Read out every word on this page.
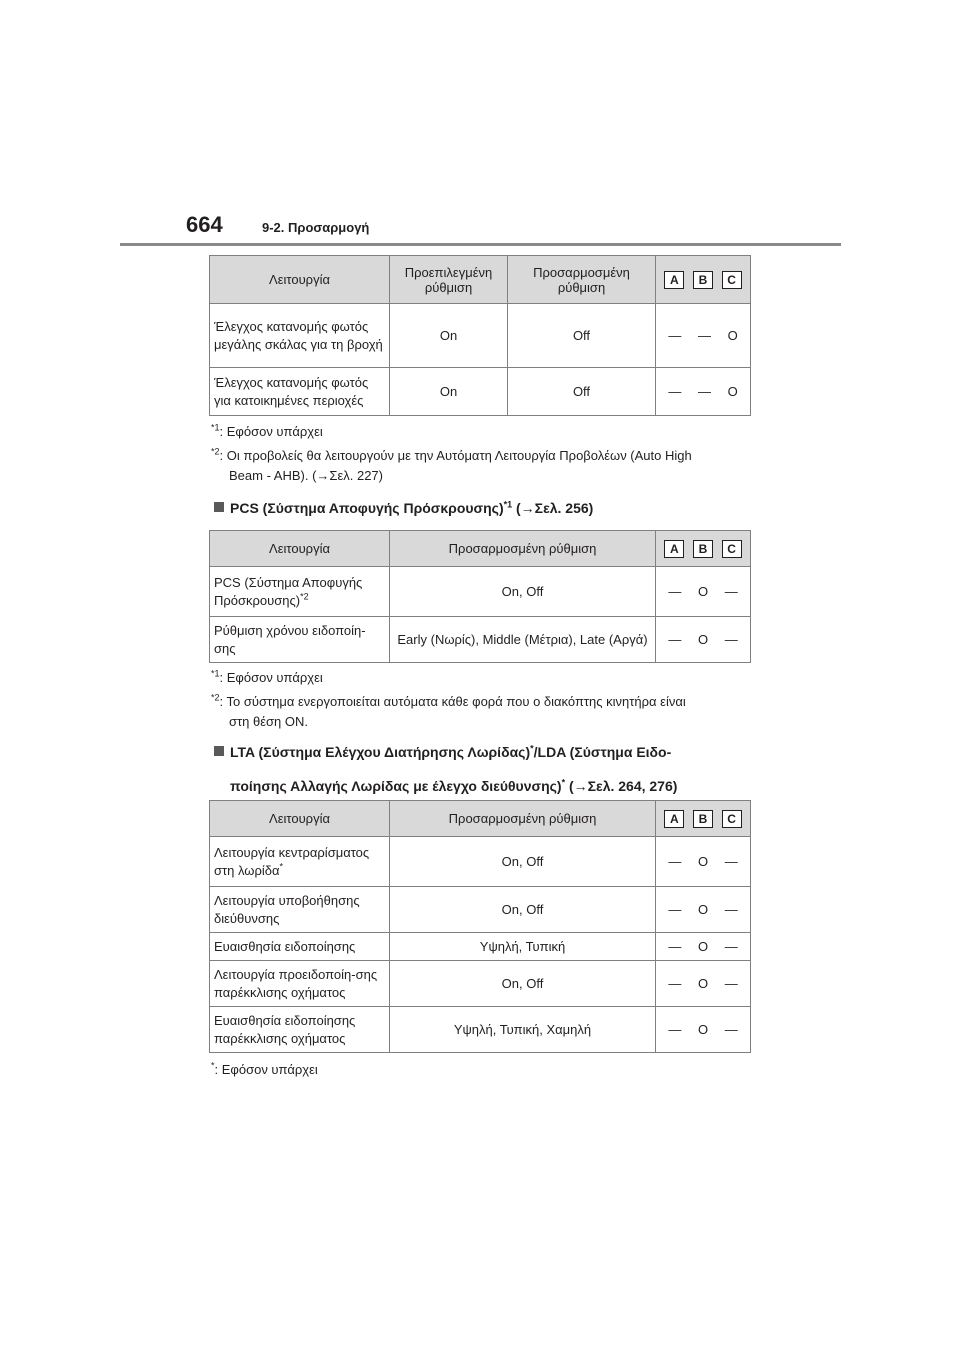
664	9-2. Προσαρμογή
Λειτουργία	Προεπιλεγμένη ρύθμιση	Προσαρμοσμένη ρύθμιση	A B C

Έλεγχος κατανομής φωτός μεγάλης σκάλας για τη βροχή	On	Off	— — O

Έλεγχος κατανομής φωτός για κατοικημένες περιοχές	On	Off	— — O
$^{*1}$: Εφόσον υπάρχει
$^{*2}$: Οι προβολείς θα λειτουργούν με την Αυτόματη Λειτουργία Προβολέων (Auto High
Beam - AHB). (→Σελ. 227)
PCS (Σύστημα Αποφυγής Πρόσκρουσης)$^{*1}$ (→Σελ. 256)
Λειτουργία	Προσαρμοσμένη ρύθμιση	A B C

PCS (Σύστημα Αποφυγής Πρόσκρουσης)$^{*2}$	On, Off	— O —

Ρύθμιση χρόνου ειδοποίη-σης	Early (Νωρίς), Middle (Μέτρια), Late (Αργά)	— O —
$^{*1}$: Εφόσον υπάρχει
$^{*2}$: Το σύστημα ενεργοποιείται αυτόματα κάθε φορά που ο διακόπτης κινητήρα είναι
στη θέση ON.
LTA (Σύστημα Ελέγχου Διατήρησης Λωρίδας)*/LDA (Σύστημα Ειδο-
ποίησης Αλλαγής Λωρίδας με έλεγχο διεύθυνσης)* (→Σελ. 264, 276)
Λειτουργία	Προσαρμοσμένη ρύθμιση	A B C

Λειτουργία κεντραρίσματος στη λωρίδα*	On, Off	— O —

Λειτουργία υποβοήθησης διεύθυνσης	On, Off	— O —

Ευαισθησία ειδοποίησης	Υψηλή, Τυπική	— O —

Λειτουργία προειδοποίη-σης παρέκκλισης οχήματος	On, Off	— O —

Ευαισθησία ειδοποίησης παρέκκλισης οχήματος	Υψηλή, Τυπική, Χαμηλή	— O —
*: Εφόσον υπάρχει
